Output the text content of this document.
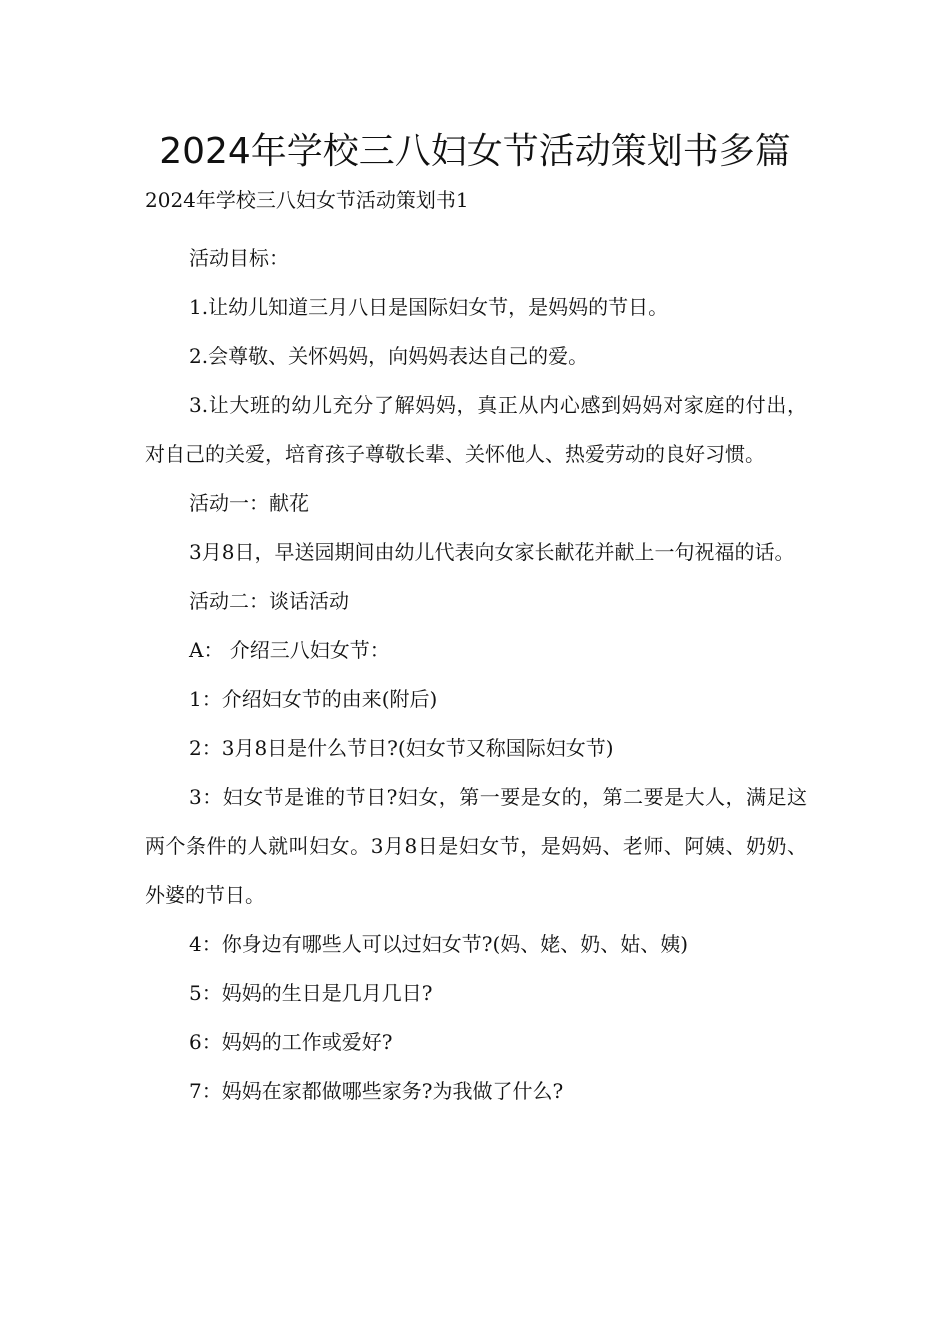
2024年学校三八妇女节活动策划书多篇

2024年学校三八妇女节活动策划书1

活动目标：

1.让幼儿知道三月八日是国际妇女节，是妈妈的节日。

2.会尊敬、关怀妈妈，向妈妈表达自己的爱。

3.让大班的幼儿充分了解妈妈，真正从内心感到妈妈对家庭的付出，对自己的关爱，培育孩子尊敬长辈、关怀他人、热爱劳动的良好习惯。

活动一：献花

3月8日，早送园期间由幼儿代表向女家长献花并献上一句祝福的话。

活动二：谈话活动

A： 介绍三八妇女节：

1：介绍妇女节的由来(附后)

2：3月8日是什么节日?(妇女节又称国际妇女节)

3：妇女节是谁的节日?妇女，第一要是女的，第二要是大人，满足这两个条件的人就叫妇女。3月8日是妇女节，是妈妈、老师、阿姨、奶奶、外婆的节日。

4：你身边有哪些人可以过妇女节?(妈、姥、奶、姑、姨)

5：妈妈的生日是几月几日?

6：妈妈的工作或爱好?

7：妈妈在家都做哪些家务?为我做了什么?
